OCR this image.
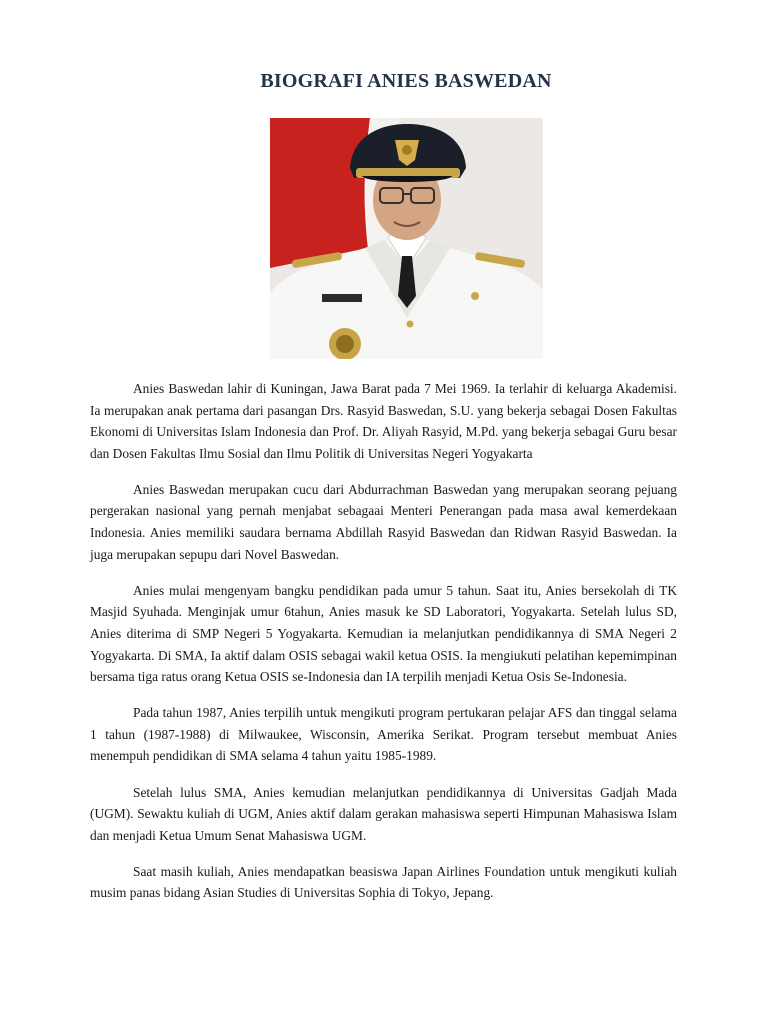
BIOGRAFI ANIES BASWEDAN

Anies Baswedan lahir di Kuningan, Jawa Barat pada 7 Mei 1969. Ia terlahir di keluarga Akademisi. Ia merupakan anak pertama dari pasangan Drs. Rasyid Baswedan, S.U. yang bekerja sebagai Dosen Fakultas Ekonomi di Universitas Islam Indonesia dan Prof. Dr. Aliyah Rasyid, M.Pd. yang bekerja sebagai Guru besar dan Dosen Fakultas Ilmu Sosial dan Ilmu Politik di Universitas Negeri Yogyakarta

Anies Baswedan merupakan cucu dari Abdurrachman Baswedan yang merupakan seorang pejuang pergerakan nasional yang pernah menjabat sebagaai Menteri Penerangan pada masa awal kemerdekaan Indonesia. Anies memiliki saudara bernama Abdillah Rasyid Baswedan dan Ridwan Rasyid Baswedan. Ia juga merupakan sepupu dari Novel Baswedan.

Anies mulai mengenyam bangku pendidikan pada umur 5 tahun. Saat itu, Anies bersekolah di TK Masjid Syuhada. Menginjak umur 6tahun, Anies masuk ke SD Laboratori, Yogyakarta. Setelah lulus SD, Anies diterima di SMP Negeri 5 Yogyakarta. Kemudian ia melanjutkan pendidikannya di SMA Negeri 2 Yogyakarta. Di SMA, Ia aktif dalam OSIS sebagai wakil ketua OSIS. Ia mengiukuti pelatihan kepemimpinan bersama tiga ratus orang Ketua OSIS se-Indonesia dan IA terpilih menjadi Ketua Osis Se-Indonesia.

Pada tahun 1987, Anies terpilih untuk mengikuti program pertukaran pelajar AFS dan tinggal selama 1 tahun (1987-1988) di Milwaukee, Wisconsin, Amerika Serikat. Program tersebut membuat Anies menempuh pendidikan di SMA selama 4 tahun yaitu 1985-1989.

Setelah lulus SMA, Anies kemudian melanjutkan pendidikannya di Universitas Gadjah Mada (UGM). Sewaktu kuliah di UGM, Anies aktif dalam gerakan mahasiswa seperti Himpunan Mahasiswa Islam dan menjadi Ketua Umum Senat Mahasiswa UGM.

Saat masih kuliah, Anies mendapatkan beasiswa Japan Airlines Foundation untuk mengikuti kuliah musim panas bidang Asian Studies di Universitas Sophia di Tokyo, Jepang.
